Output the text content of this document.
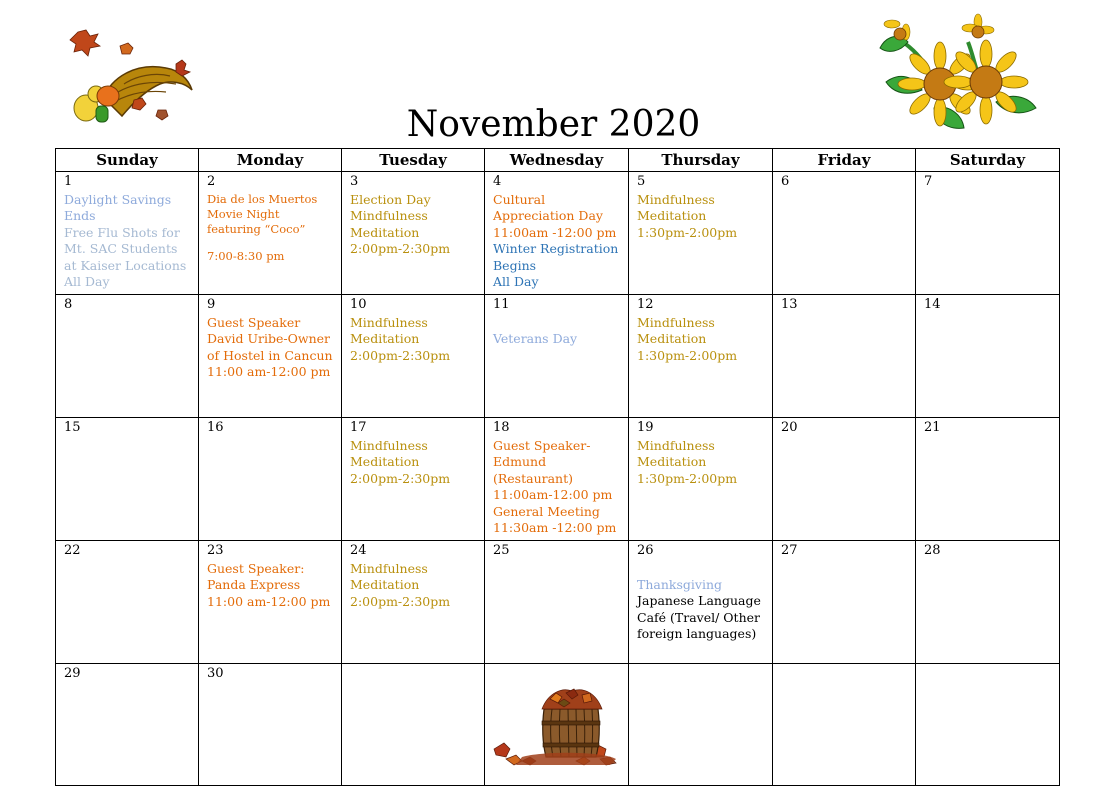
November 2020
Sunday	Monday	Tuesday	Wednesday	Thursday	Friday	Saturday

1
Daylight Savings Ends
Free Flu Shots for Mt. SAC Students at Kaiser Locations
All Day	2
Dia de los Muertos Movie Night featuring “Coco”
7:00-8:30 pm	3
Election Day
Mindfulness Meditation
2:00pm-2:30pm	4
Cultural Appreciation Day
11:00am -12:00 pm
Winter Registration Begins
All Day	5
Mindfulness Meditation
1:30pm-2:00pm	6	7

8	9
Guest Speaker
David Uribe-Owner of Hostel in Cancun
11:00 am-12:00 pm	10
Mindfulness Meditation
2:00pm-2:30pm	11
Veterans Day	12
Mindfulness Meditation
1:30pm-2:00pm	13	14

15	16	17
Mindfulness Meditation
2:00pm-2:30pm	18
Guest Speaker- Edmund (Restaurant)
11:00am-12:00 pm
General Meeting
11:30am -12:00 pm	19
Mindfulness Meditation
1:30pm-2:00pm	20	21

22	23
Guest Speaker: Panda Express
11:00 am-12:00 pm	24
Mindfulness Meditation
2:00pm-2:30pm	25	26
Thanksgiving
Japanese Language Café (Travel/ Other foreign languages)	27	28

29	30					
